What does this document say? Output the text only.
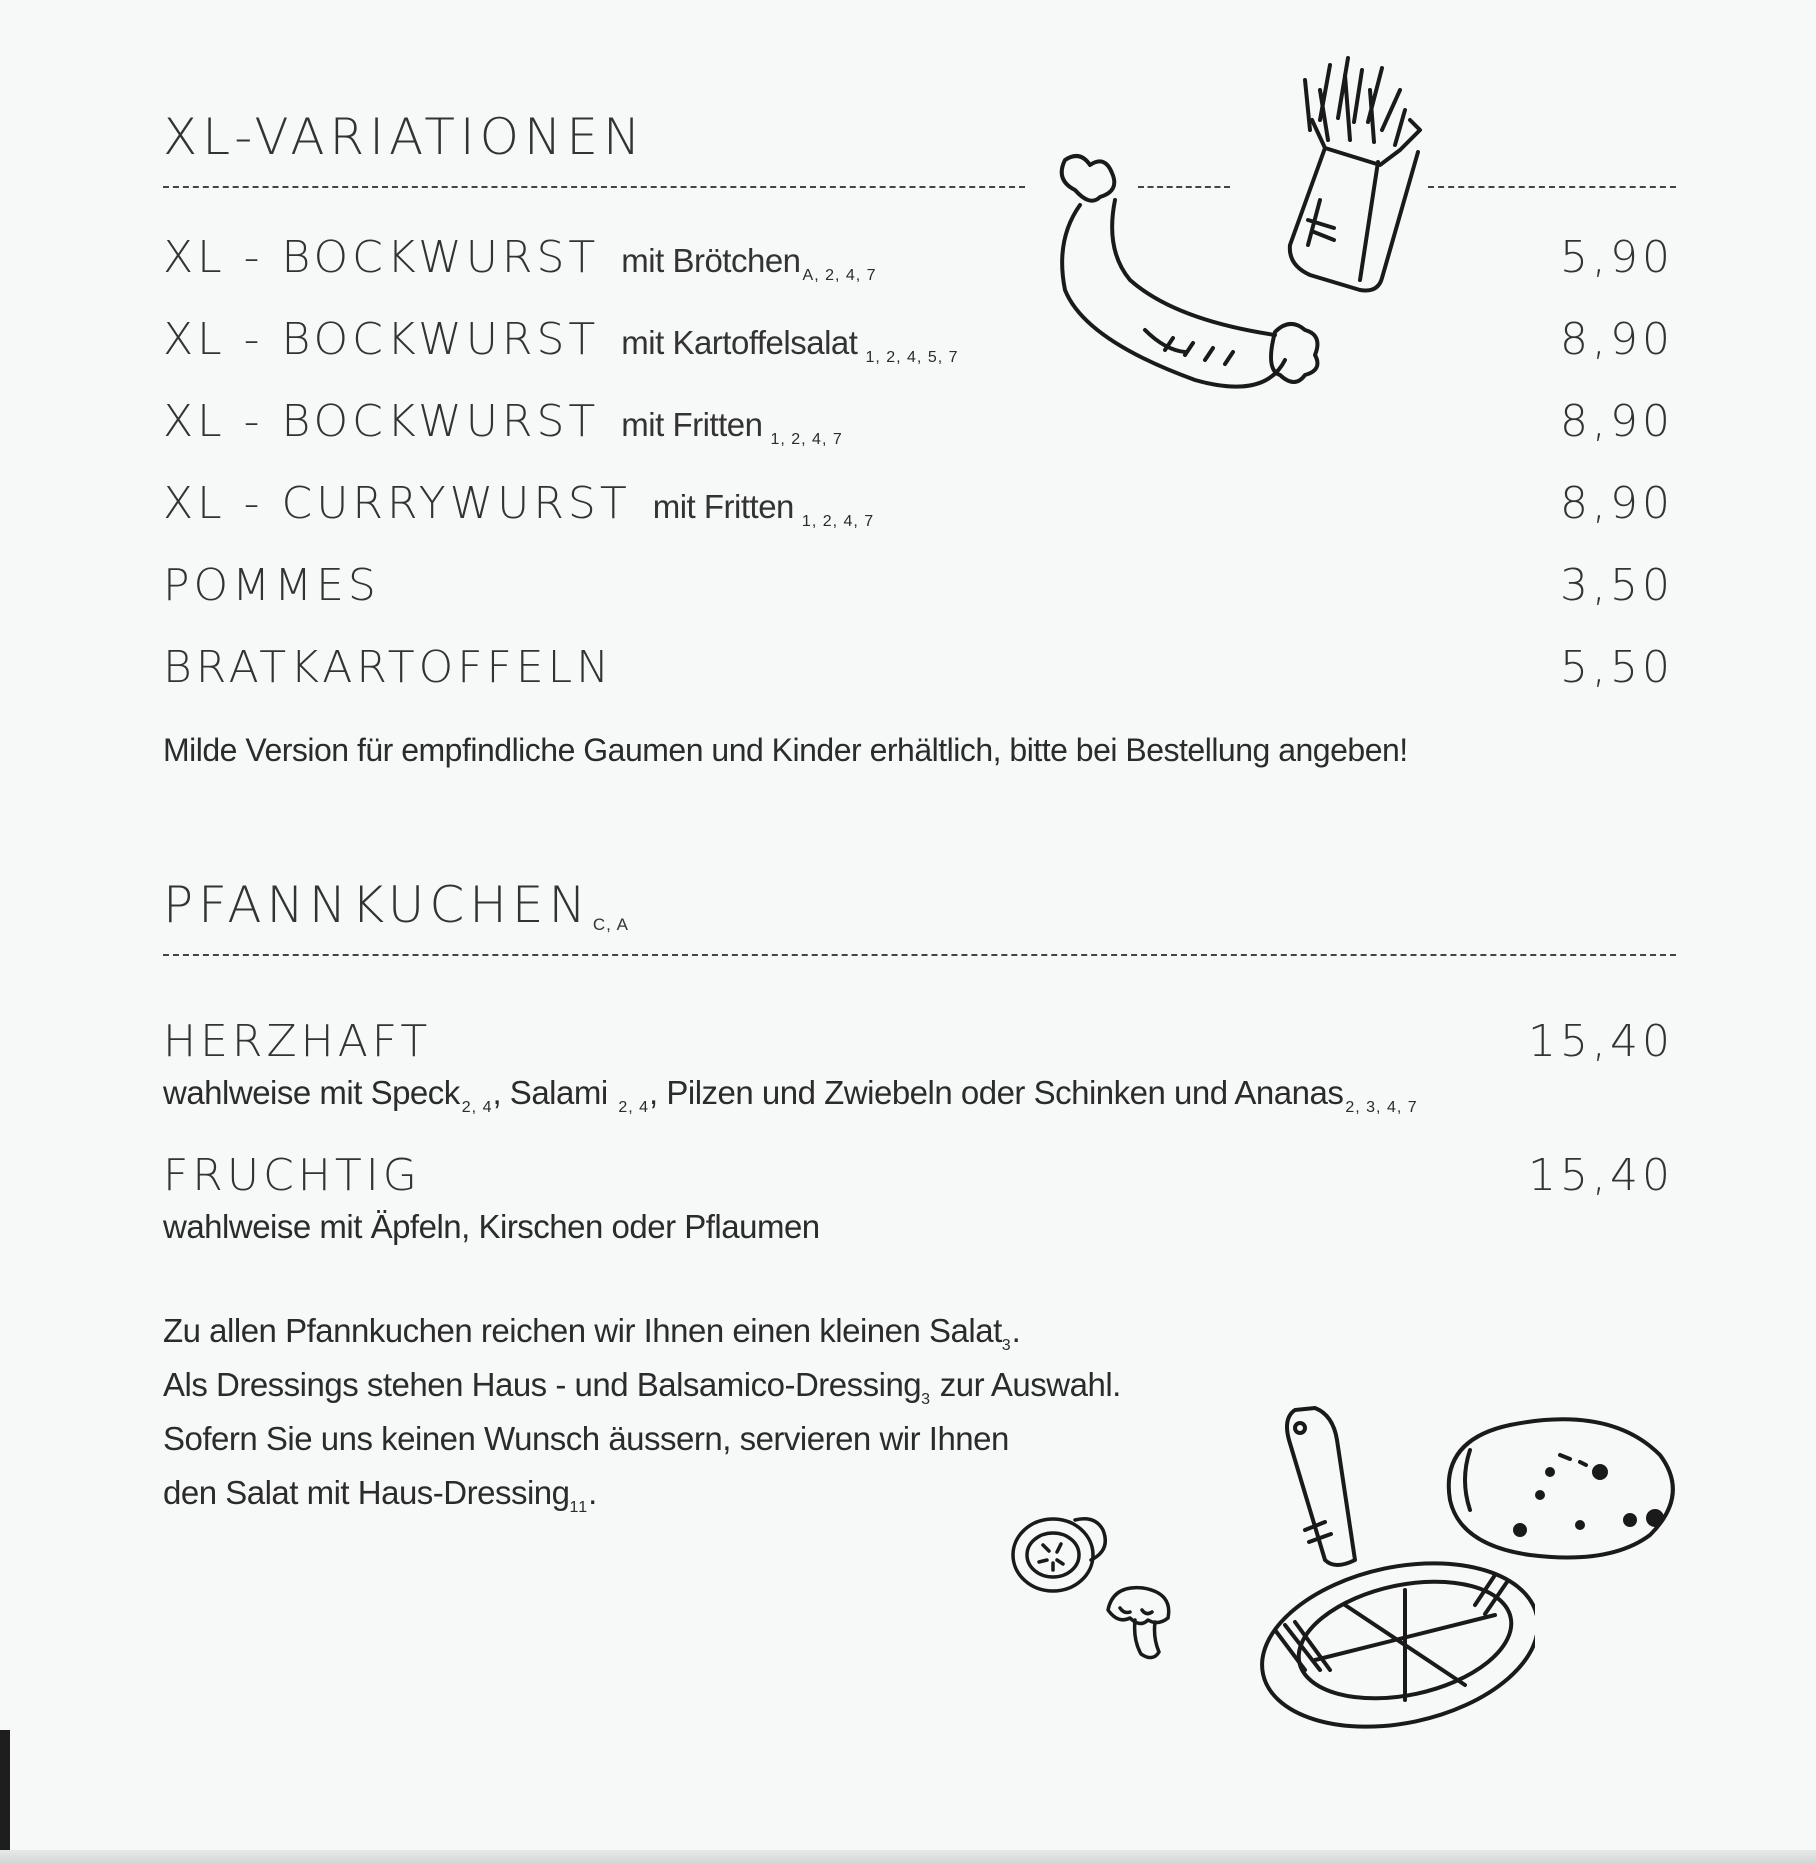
XL-VARIATIONEN
XL - BOCKWURST mit Brötchen A, 2, 4, 7	5,90
XL - BOCKWURST mit Kartoffelsalat 1, 2, 4, 5, 7	8,90
XL - BOCKWURST mit Fritten 1, 2, 4, 7	8,90
XL - CURRYWURST mit Fritten 1, 2, 4, 7	8,90
POMMES	3,50
BRATKARTOFFELN	5,50
Milde Version für empfindliche Gaumen und Kinder erhältlich, bitte bei Bestellung angeben!
PFANNKUCHEN $_{C, A}$
HERZHAFT	15,40
wahlweise mit Speck $_{2, 4}$, Salami $_{2, 4}$, Pilzen und Zwiebeln oder Schinken und Ananas $_{2, 3, 4, 7}$
FRUCHTIG	15,40
wahlweise mit Äpfeln, Kirschen oder Pflaumen
Zu allen Pfannkuchen reichen wir Ihnen einen kleinen Salat$_3$.
Als Dressings stehen Haus - und Balsamico-Dressing$_3$ zur Auswahl.
Sofern Sie uns keinen Wunsch äussern, servieren wir Ihnen
den Salat mit Haus-Dressing$_{11}$.
